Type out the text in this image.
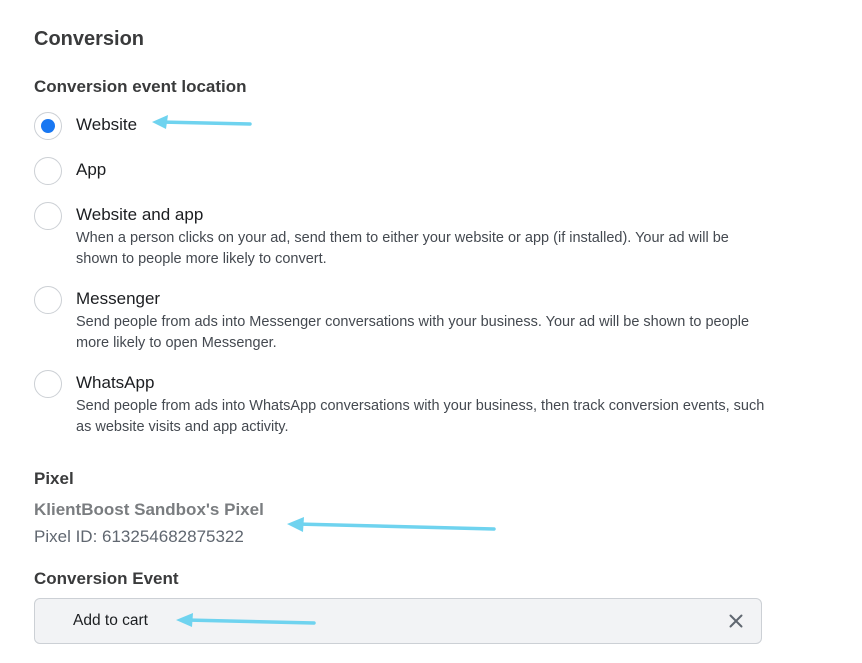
Conversion
Conversion event location
Website
App
Website and app
When a person clicks on your ad, send them to either your website or app (if installed). Your ad will be shown to people more likely to convert.
Messenger
Send people from ads into Messenger conversations with your business. Your ad will be shown to people more likely to open Messenger.
WhatsApp
Send people from ads into WhatsApp conversations with your business, then track conversion events, such as website visits and app activity.
Pixel
KlientBoost Sandbox's Pixel
Pixel ID: 613254682875322
Conversion Event
Add to cart
